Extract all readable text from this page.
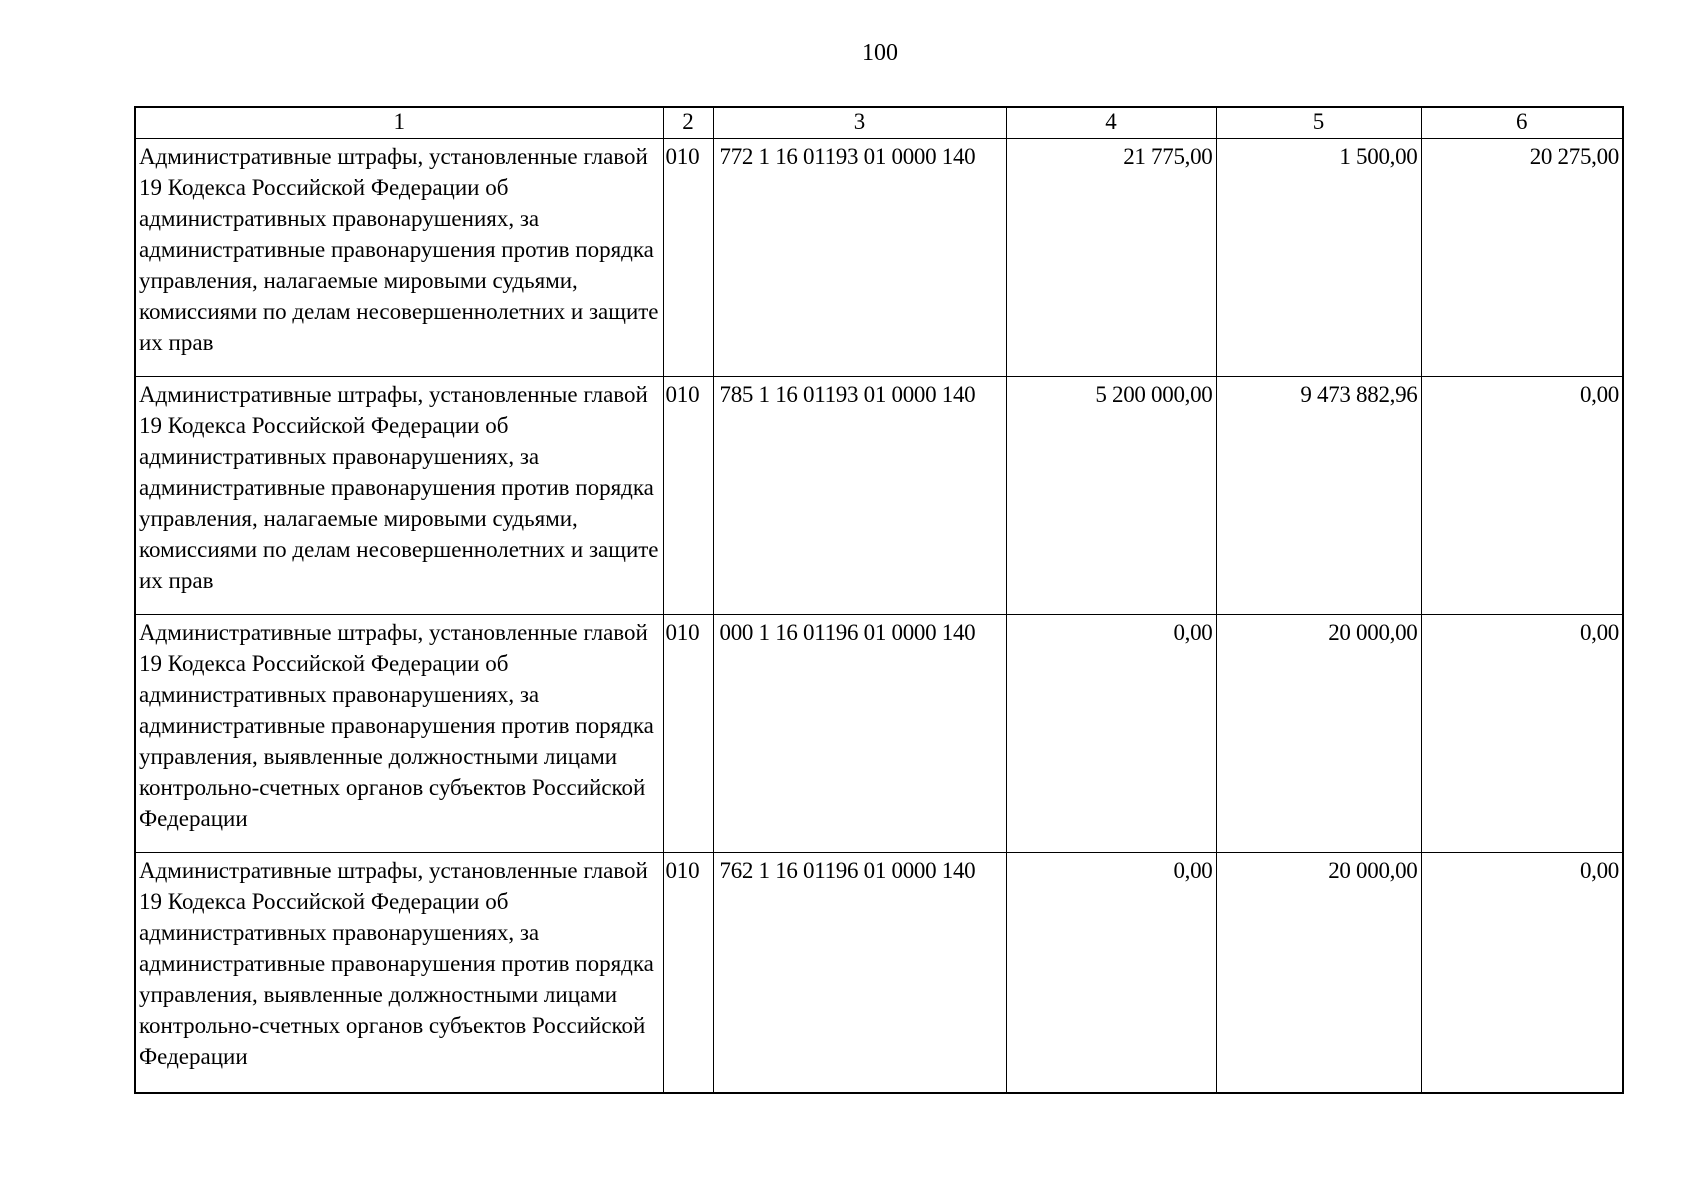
100
1	2	3	4	5	6
Административные штрафы, установленные главой 19 Кодекса Российской Федерации об административных правонарушениях, за административные правонарушения против порядка управления, налагаемые мировыми судьями, комиссиями по делам несовершеннолетних и защите их прав	010	772 1 16 01193 01 0000 140	21 775,00	1 500,00	20 275,00
Административные штрафы, установленные главой 19 Кодекса Российской Федерации об административных правонарушениях, за административные правонарушения против порядка управления, налагаемые мировыми судьями, комиссиями по делам несовершеннолетних и защите их прав	010	785 1 16 01193 01 0000 140	5 200 000,00	9 473 882,96	0,00
Административные штрафы, установленные главой 19 Кодекса Российской Федерации об административных правонарушениях, за административные правонарушения против порядка управления, выявленные должностными лицами контрольно-счетных органов субъектов Российской Федерации	010	000 1 16 01196 01 0000 140	0,00	20 000,00	0,00
Административные штрафы, установленные главой 19 Кодекса Российской Федерации об административных правонарушениях, за административные правонарушения против порядка управления, выявленные должностными лицами контрольно-счетных органов субъектов Российской Федерации	010	762 1 16 01196 01 0000 140	0,00	20 000,00	0,00
